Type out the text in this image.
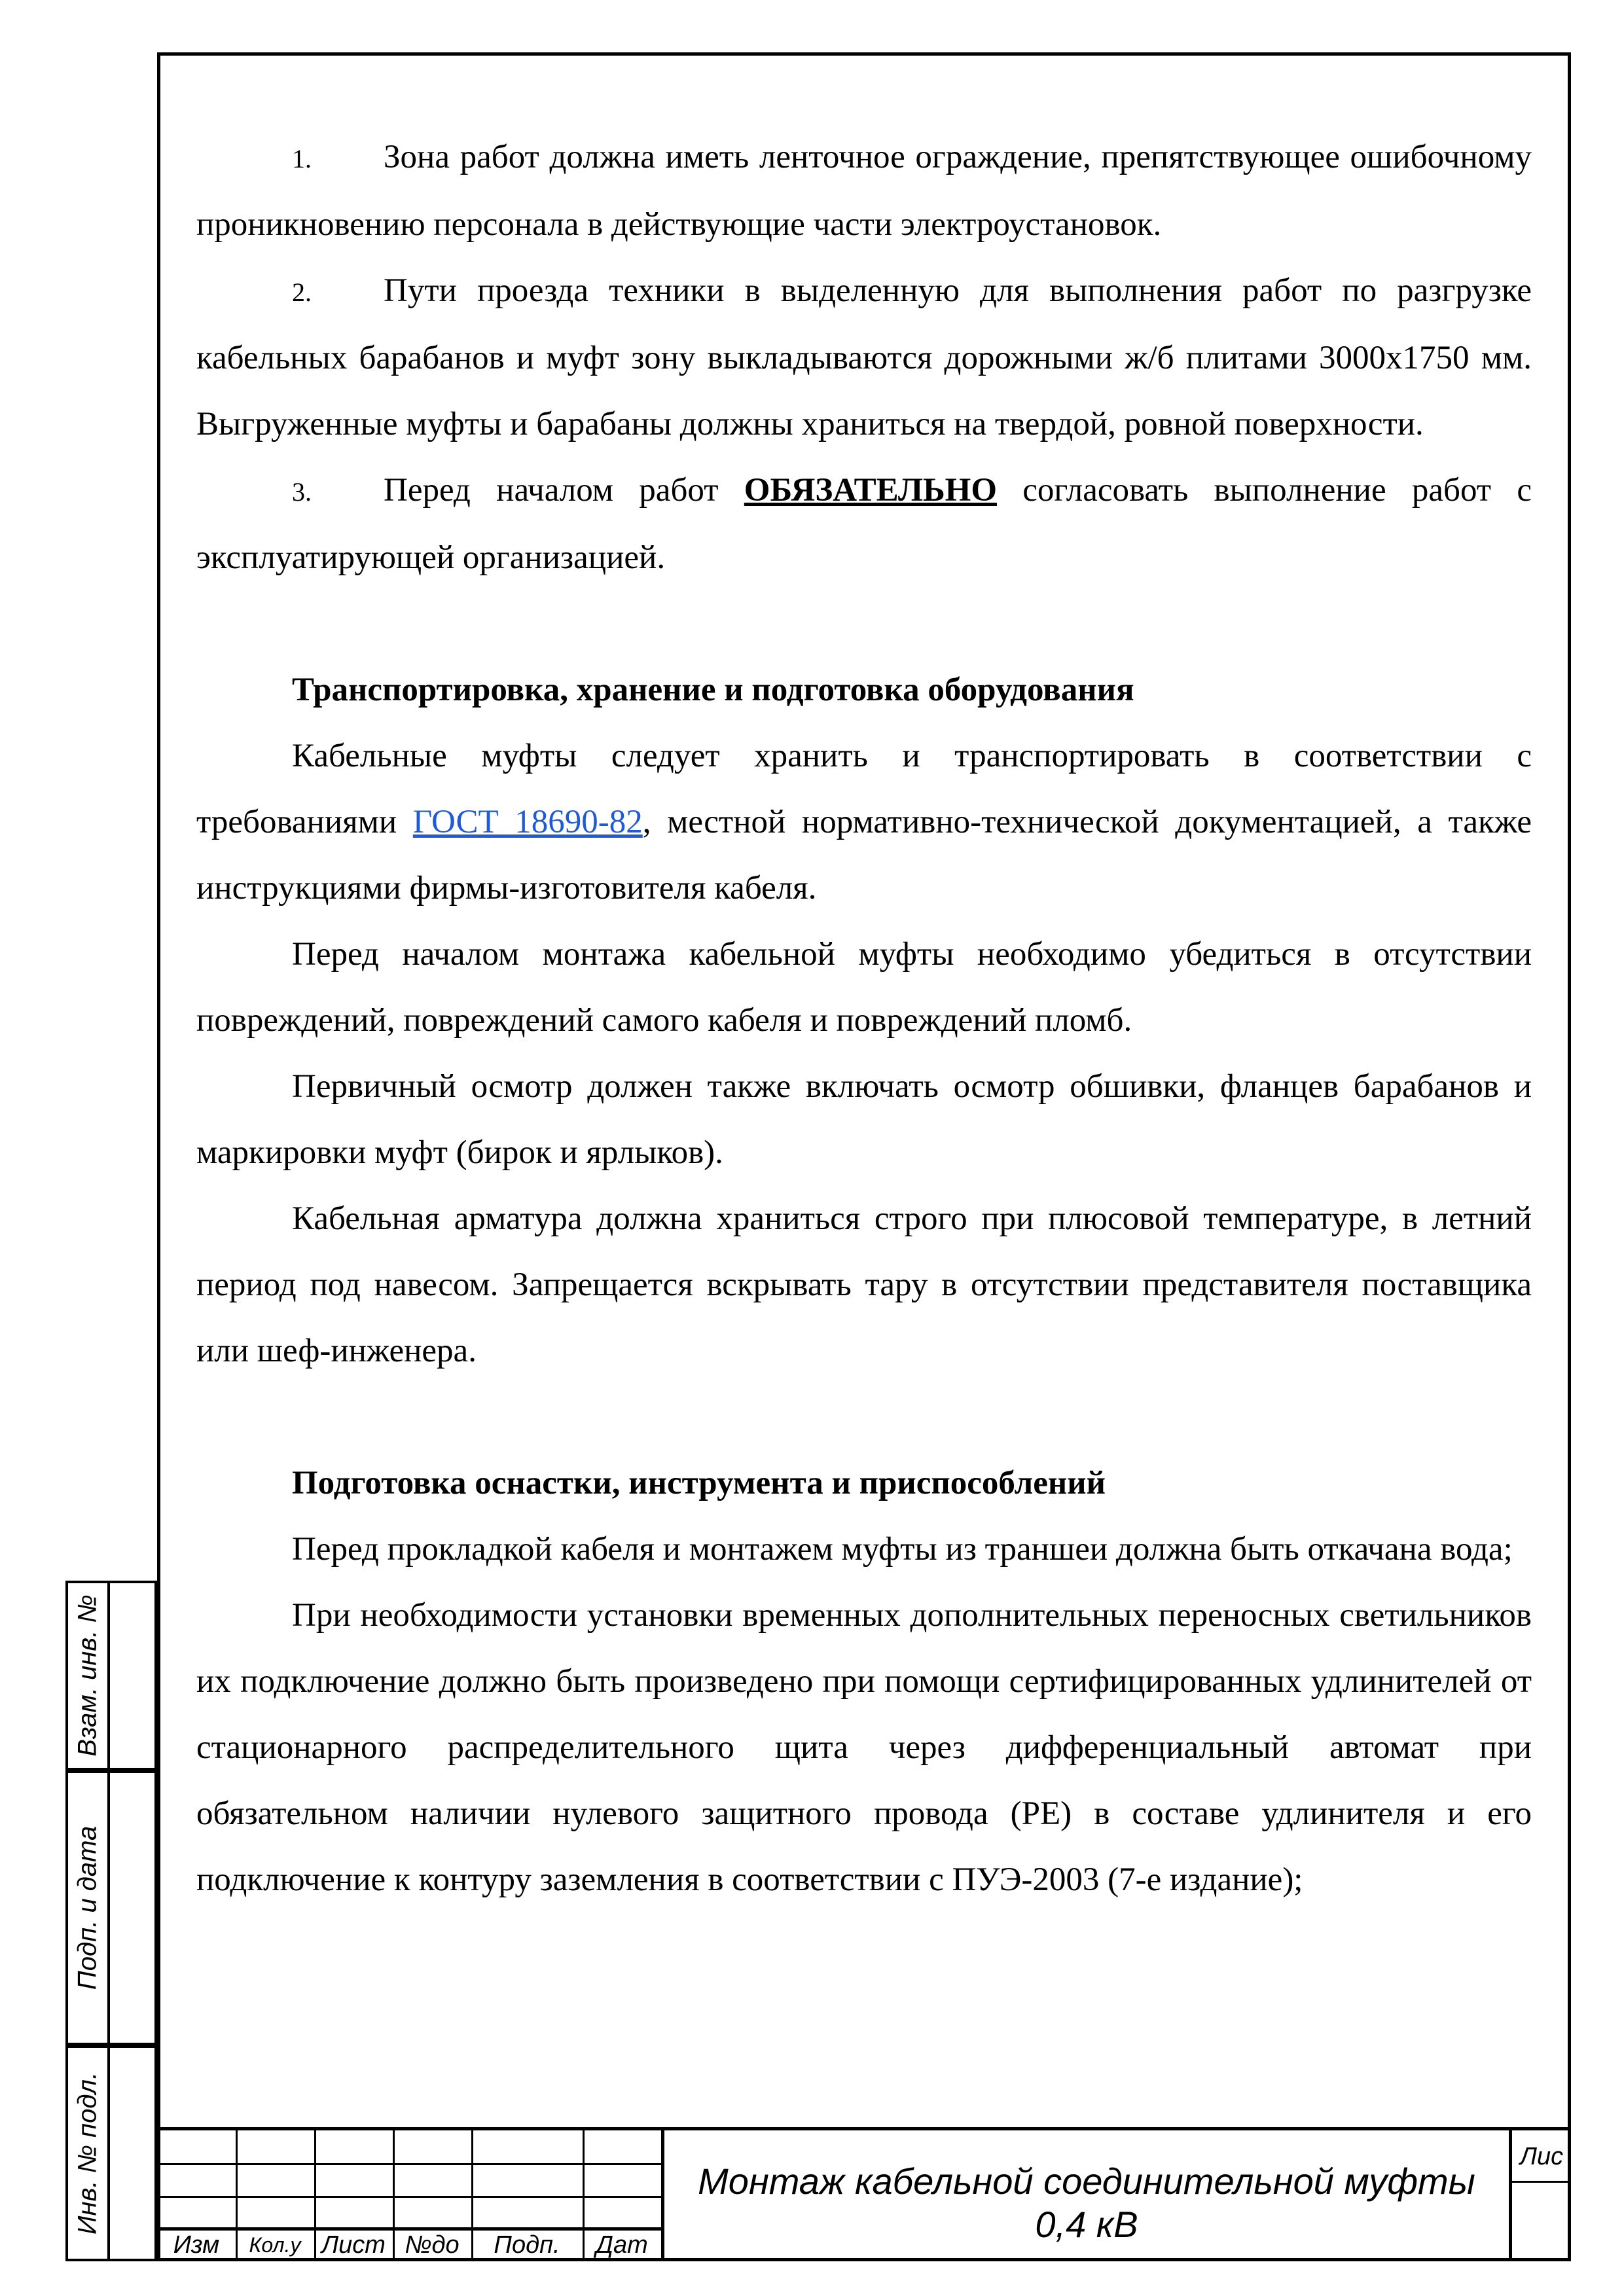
Взам. инв. №
Подп. и дата
Инв. № подл.

1. Зона работ должна иметь ленточное ограждение, препятствующее ошибочному проникновению персонала в действующие части электроустановок.

2. Пути проезда техники в выделенную для выполнения работ по разгрузке кабельных барабанов и муфт зону выкладываются дорожными ж/б плитами 3000х1750 мм. Выгруженные муфты и барабаны должны храниться на твердой, ровной поверхности.

3. Перед началом работ ОБЯЗАТЕЛЬНО согласовать выполнение работ с эксплуатирующей организацией.

Транспортировка, хранение и подготовка оборудования

Кабельные муфты следует хранить и транспортировать в соответствии с требованиями ГОСТ 18690-82, местной нормативно-технической документацией, а также инструкциями фирмы-изготовителя кабеля.

Перед началом монтажа кабельной муфты необходимо убедиться в отсутствии повреждений, повреждений самого кабеля и повреждений пломб.

Первичный осмотр должен также включать осмотр обшивки, фланцев барабанов и маркировки муфт (бирок и ярлыков).

Кабельная арматура должна храниться строго при плюсовой температуре, в летний период под навесом. Запрещается вскрывать тару в отсутствии представителя поставщика или шеф-инженера.

Подготовка оснастки, инструмента и приспособлений

Перед прокладкой кабеля и монтажем муфты из траншеи должна быть откачана вода;

При необходимости установки временных дополнительных переносных светильников их подключение должно быть произведено при помощи сертифицированных удлинителей от стационарного распределительного щита через дифференциальный автомат при обязательном наличии нулевого защитного провода (РЕ) в составе удлинителя и его подключение к контуру заземления в соответствии с ПУЭ-2003 (7-е издание);

Изм	Кол.у Лист №до	Подп.	Дат
Монтаж кабельной соединительной муфты
0,4 кВ
Лис
